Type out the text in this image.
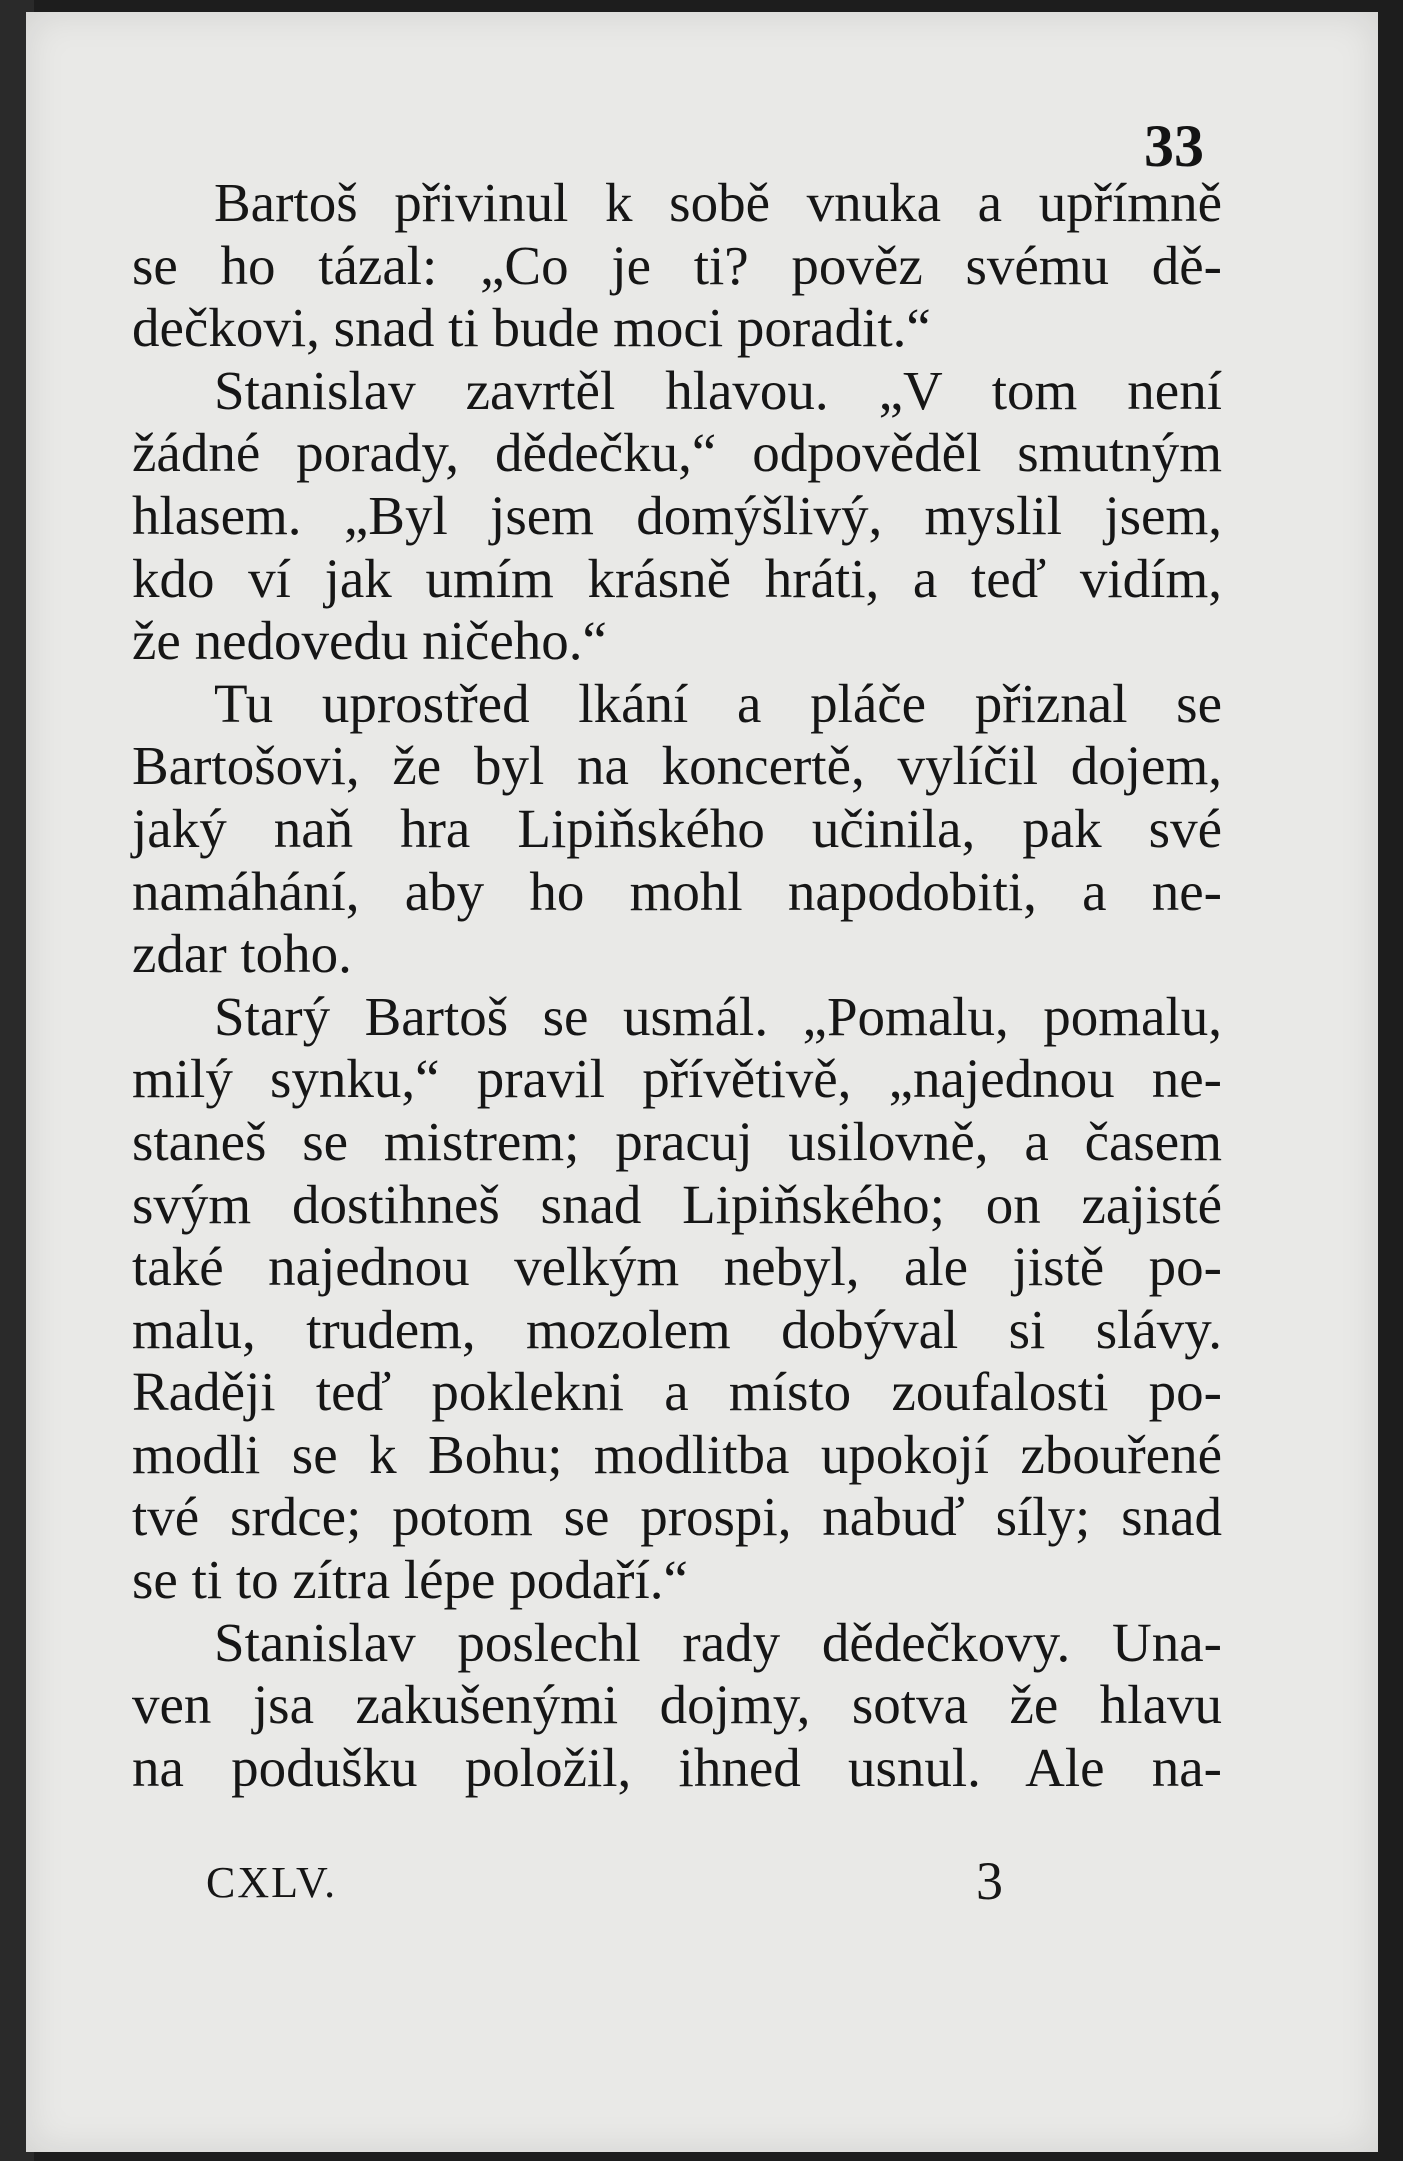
33
Bartoš přivinul k sobě vnuka a upřímně
se ho tázal: „Co je ti? pověz svému dě-
dečkovi, snad ti bude moci poradit.“
Stanislav zavrtěl hlavou. „V tom není
žádné porady, dědečku,“ odpověděl smutným
hlasem. „Byl jsem domýšlivý, myslil jsem,
kdo ví jak umím krásně hráti, a teď vidím,
že nedovedu ničeho.“
Tu uprostřed lkání a pláče přiznal se
Bartošovi, že byl na koncertě, vylíčil dojem,
jaký naň hra Lipiňského učinila, pak své
namáhání, aby ho mohl napodobiti, a ne-
zdar toho.
Starý Bartoš se usmál. „Pomalu, pomalu,
milý synku,“ pravil přívětivě, „najednou ne-
staneš se mistrem; pracuj usilovně, a časem
svým dostihneš snad Lipiňského; on zajisté
také najednou velkým nebyl, ale jistě po-
malu, trudem, mozolem dobýval si slávy.
Raději teď poklekni a místo zoufalosti po-
modli se k Bohu; modlitba upokojí zbouřené
tvé srdce; potom se prospi, nabuď síly; snad
se ti to zítra lépe podaří.“
Stanislav poslechl rady dědečkovy. Una-
ven jsa zakušenými dojmy, sotva že hlavu
na podušku položil, ihned usnul. Ale na-
CXLV.	3
